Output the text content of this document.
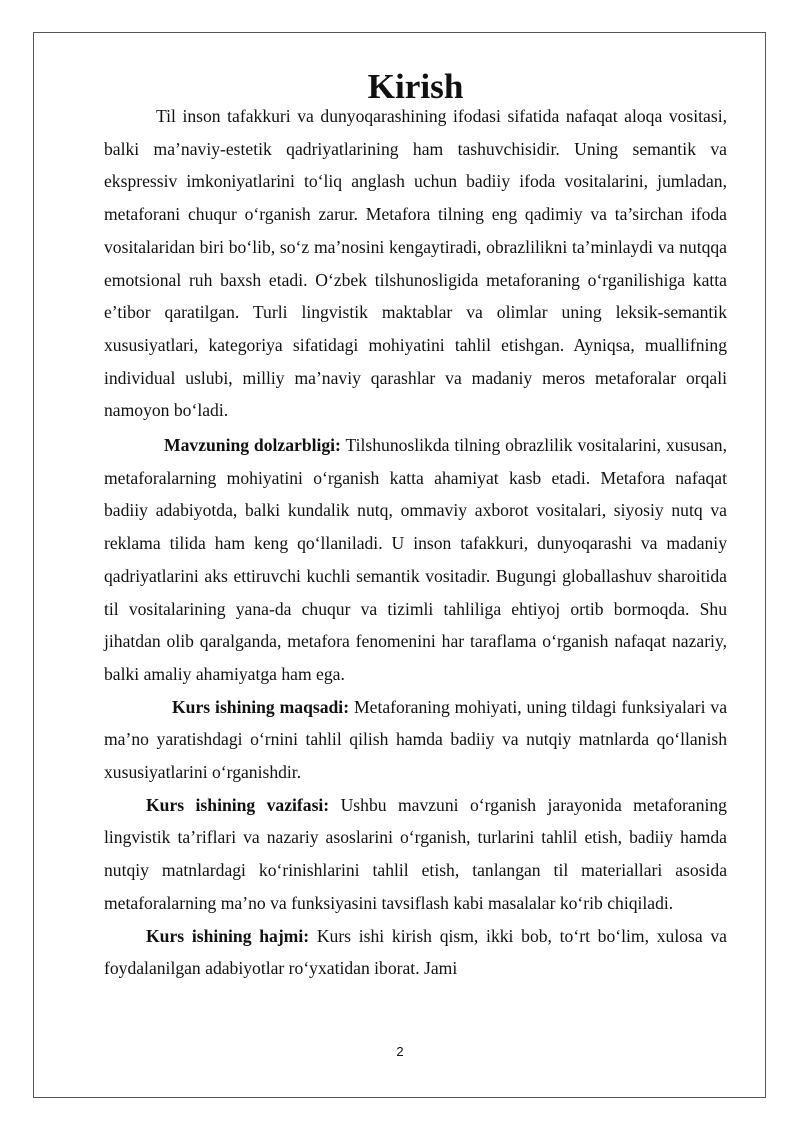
Kirish

Til inson tafakkuri va dunyoqarashining ifodasi sifatida nafaqat aloqa vositasi, balki ma’naviy-estetik qadriyatlarining ham tashuvchisidir. Uning semantik va ekspressiv imkoniyatlarini to‘liq anglash uchun badiiy ifoda vositalarini, jumladan, metaforani chuqur o‘rganish zarur. Metafora tilning eng qadimiy va ta’sirchan ifoda vositalaridan biri bo‘lib, so‘z ma’nosini kengaytiradi, obrazlilikni ta’minlaydi va nutqqa emotsional ruh baxsh etadi. O‘zbek tilshunosligida metaforaning o‘rganilishiga katta e’tibor qaratilgan. Turli lingvistik maktablar va olimlar uning leksik-semantik xususiyatlari, kategoriya sifatidagi mohiyatini tahlil etishgan. Ayniqsa, muallifning individual uslubi, milliy ma’naviy qarashlar va madaniy meros metaforalar orqali namoyon bo‘ladi.

Mavzuning dolzarbligi: Tilshunoslikda tilning obrazlilik vositalarini, xususan, metaforalarning mohiyatini o‘rganish katta ahamiyat kasb etadi. Metafora nafaqat badiiy adabiyotda, balki kundalik nutq, ommaviy axborot vositalari, siyosiy nutq va reklama tilida ham keng qo‘llaniladi. U inson tafakkuri, dunyoqarashi va madaniy qadriyatlarini aks ettiruvchi kuchli semantik vositadir. Bugungi globallashuv sharoitida til vositalarining yana-da chuqur va tizimli tahliliga ehtiyoj ortib bormoqda. Shu jihatdan olib qaralganda, metafora fenomenini har taraflama o‘rganish nafaqat nazariy, balki amaliy ahamiyatga ham ega.

Kurs ishining maqsadi: Metaforaning mohiyati, uning tildagi funksiyalari va ma’no yaratishdagi o‘rnini tahlil qilish hamda badiiy va nutqiy matnlarda qo‘llanish xususiyatlarini o‘rganishdir.

Kurs ishining vazifasi: Ushbu mavzuni o‘rganish jarayonida metaforaning lingvistik ta’riflari va nazariy asoslarini o‘rganish, turlarini tahlil etish, badiiy hamda nutqiy matnlardagi ko‘rinishlarini tahlil etish, tanlangan til materiallari asosida metaforalarning ma’no va funksiyasini tavsiflash kabi masalalar ko‘rib chiqiladi.

Kurs ishining hajmi: Kurs ishi kirish qism, ikki bob, to‘rt bo‘lim, xulosa va foydalanilgan adabiyotlar ro‘yxatidan iborat. Jami

2
